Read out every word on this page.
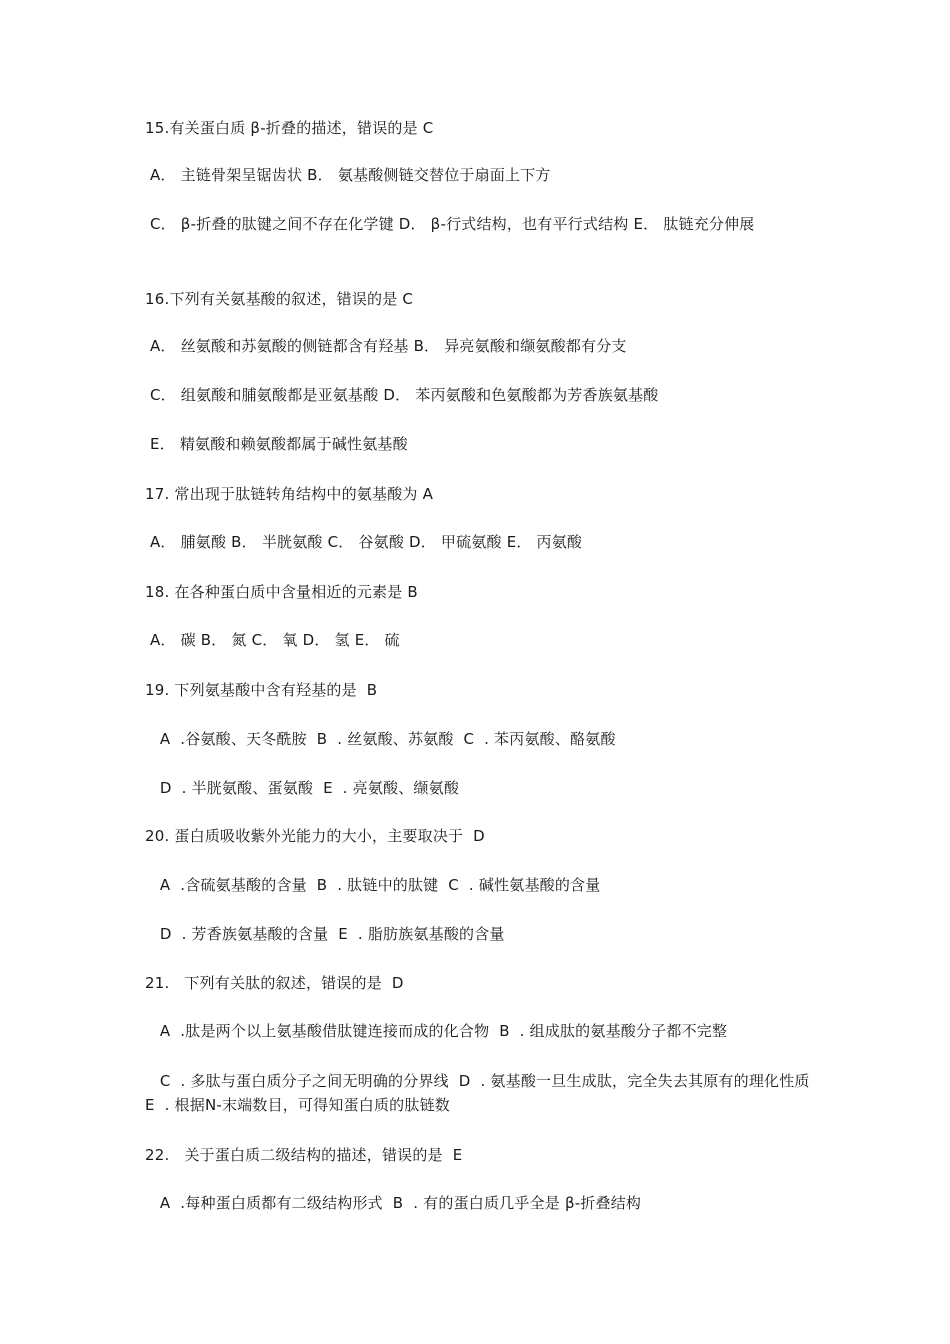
15.有关蛋白质 β-折叠的描述，错误的是 C
A． 主链骨架呈锯齿状 B． 氨基酸侧链交替位于扇面上下方
C． β-折叠的肽键之间不存在化学键 D． β-行式结构，也有平行式结构 E． 肽链充分伸展
16.下列有关氨基酸的叙述，错误的是 C
A． 丝氨酸和苏氨酸的侧链都含有羟基 B． 异亮氨酸和缬氨酸都有分支
C． 组氨酸和脯氨酸都是亚氨基酸 D． 苯丙氨酸和色氨酸都为芳香族氨基酸
E． 精氨酸和赖氨酸都属于碱性氨基酸
17. 常出现于肽链转角结构中的氨基酸为 A
A． 脯氨酸 B． 半胱氨酸 C． 谷氨酸 D． 甲硫氨酸 E． 丙氨酸
18. 在各种蛋白质中含量相近的元素是 B
A． 碳 B． 氮 C． 氧 D． 氢 E． 硫
19. 下列氨基酸中含有羟基的是  B
A  .谷氨酸、天冬酰胺  B  . 丝氨酸、苏氨酸  C  . 苯丙氨酸、酪氨酸
D  . 半胱氨酸、蛋氨酸  E  . 亮氨酸、缬氨酸
20. 蛋白质吸收紫外光能力的大小，主要取决于  D
A  .含硫氨基酸的含量  B  . 肽链中的肽键  C  . 碱性氨基酸的含量
D  . 芳香族氨基酸的含量  E  . 脂肪族氨基酸的含量
21.   下列有关肽的叙述，错误的是  D
A  .肽是两个以上氨基酸借肽键连接而成的化合物  B  . 组成肽的氨基酸分子都不完整
C  . 多肽与蛋白质分子之间无明确的分界线  D  . 氨基酸一旦生成肽，完全失去其原有的理化性质  E  . 根据N-末端数目，可得知蛋白质的肽链数
22.   关于蛋白质二级结构的描述，错误的是  E
A  .每种蛋白质都有二级结构形式  B  . 有的蛋白质几乎全是 β-折叠结构
